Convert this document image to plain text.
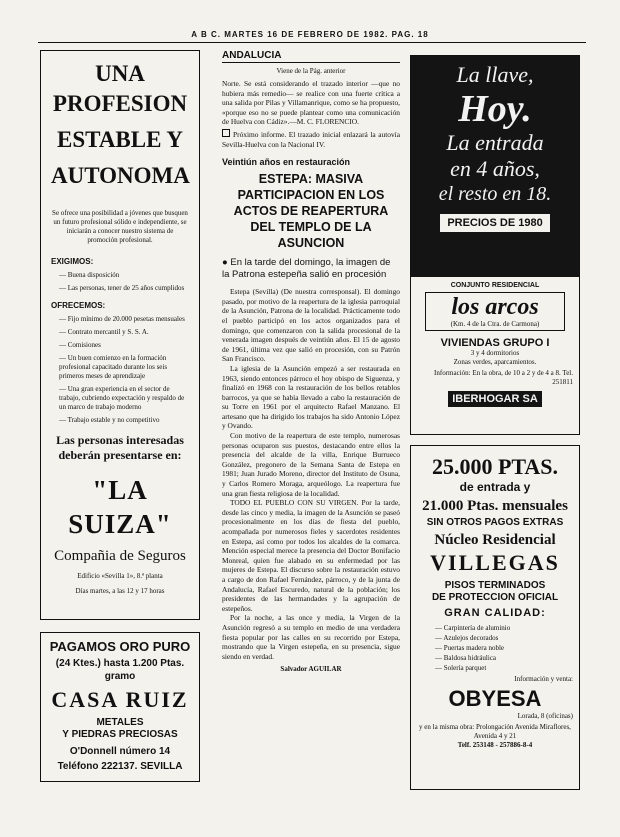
A B C. MARTES 16 DE FEBRERO DE 1982. PAG. 18
UNA PROFESION
ESTABLE Y
AUTONOMA
Se ofrece una posibilidad a jóvenes que busquen un futuro profesional sólido e independiente, se iniciarán a conocer nuestro sistema de promoción profesional.
EXIGIMOS:
— Buena disposición
— Las personas, tener de 25 años cumplidos
OFRECEMOS:
— Fijo mínimo de 20.000 pesetas mensuales
— Contrato mercantil y S. S. A.
— Comisiones
— Un buen comienzo en la formación profesional capacitado durante los seis primeros meses de aprendizaje
— Una gran experiencia en el sector de trabajo, cubriendo expectación y respaldo de un marco de trabajo moderno
— Trabajo estable y no competitivo
Las personas interesadas deberán presentarse en:
"LA SUIZA"
Compañia de Seguros
Edificio «Sevilla 1», 8.ª planta
Días martes, a las 12 y 17 horas
PAGAMOS ORO PURO
(24 Ktes.) hasta 1.200 Ptas.
gramo
CASA RUIZ
METALES
Y PIEDRAS PRECIOSAS
O'Donnell número 14
Teléfono 222137. SEVILLA
ANDALUCIA
Viene de la Pág. anterior
Norte. Se está considerando el trazado interior —que no hubiera más remedio— se realice con una fuerte crítica a una salida por Pilas y Villamanrique, como se ha propuesto, «porque eso no se puede plantear como una comunicación de Huelva con Cádiz».—M. C. FLORENCIO.
Próximo informe. El trazado inicial enlazará la autovía Sevilla-Huelva con la Nacional IV.
Veintiún años en restauración
ESTEPA: MASIVA PARTICIPACION EN LOS ACTOS DE REAPERTURA DEL TEMPLO DE LA ASUNCION
● En la tarde del domingo, la imagen de la Patrona estepeña salió en procesión
Estepa (Sevilla) (De nuestra corresponsal). El domingo pasado, por motivo de la reapertura de la iglesia parroquial de la Asunción, Patrona de la localidad. Prácticamente todo el pueblo participó en los actos organizados para el domingo, que comenzaron con la salida procesional de la venerada imagen después de veintiún años. El 15 de agosto de 1961, última vez que salió en procesión, con su Patrón San Francisco.
La iglesia de la Asunción empezó a ser restaurada en 1963, siendo entonces párroco el hoy obispo de Siguenza, y finalizó en 1968 con la restauración de los bellos retablos barrocos, ya que se había llevado a cabo la restauración de su Torre en 1961 por el arquitecto Rafael Manzano. El artesano que ha dirigido los trabajos ha sido Antonio López y Ovando.
Con motivo de la reapertura de este templo, numerosas personas ocuparon sus puestos, destacando entre ellos la presencia del alcalde de la villa, Enrique Burrueco González, pregonero de la Semana Santa de Estepa en 1981; Juan Jurado Moreno, director del Instituto de Osuna, y Carlos Romero Moraga, arqueólogo. La reapertura fue una gran fiesta religiosa de la localidad.
TODO EL PUEBLO CON SU VIRGEN. Por la tarde, desde las cinco y media, la imagen de la Asunción se paseó procesionalmente en los días de fiesta del pueblo, acompañada por numerosos fieles y sacerdotes residentes en Estepa, así como por todos los alcaldes de la comarca. Mención especial merece la presencia del Doctor Bonifacio Monreal, quien fue alabado en su enfermedad por las mujeres de Estepa. El discurso sobre la restauración estuvo a cargo de don Rafael Fernández, párroco, y de la junta de Andalucía, Rafael Escuredo, natural de la población; los presidentes de las hermandades y la agrupación de estepeños.
Por la noche, a las once y media, la Virgen de la Asunción regresó a su templo en medio de una verdadera fiesta popular por las calles en su recorrido por Estepa, mostrando que la Virgen estepeña, en su presencia, sigue siendo en verdad.
Salvador AGUILAR
La llave,
Hoy.
La entrada
en 4 años,
el resto en 18.
PRECIOS DE 1980
CONJUNTO RESIDENCIAL
los arcos
(Km. 4 de la Ctra. de Carmona)
VIVIENDAS GRUPO I
3 y 4 dormitorios
Zonas verdes, aparcamientos.
Información: En la obra, de 10 a 2 y de 4 a 8. Tel. 251811
IBERHOGAR SA
25.000 PTAS.
de entrada y
21.000 Ptas. mensuales
SIN OTROS PAGOS EXTRAS
Núcleo Residencial
VILLEGAS
PISOS TERMINADOS
DE PROTECCION OFICIAL
GRAN CALIDAD:
— Carpintería de aluminio
— Azulejos decorados
— Puertas madera noble
— Baldosa hidráulica
— Solería parquet
Información y venta:
OBYESA
Lorada, 8 (oficinas)
y en la misma obra: Prolongación Avenida Miraflores, Avenida 4 y 21
Telf. 253148 - 257886-8-4
